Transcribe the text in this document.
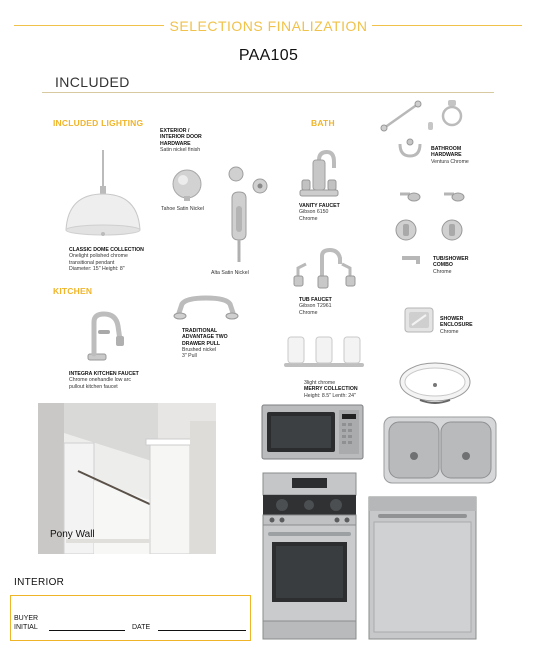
SELECTIONS FINALIZATION
PAA105
INCLUDED
INCLUDED LIGHTING
KITCHEN
BATH
CLASSIC DOME COLLECTION
Onelight polished chrome
transitional pendant
Diameter: 15" Height: 8"
EXTERIOR /
INTERIOR DOOR
HARDWARE
Satin nickel finish
Tahoe Satin Nickel
Alta Satin Nickel
INTEGRA KITCHEN FAUCET
Chrome onehandle low arc
pullout kitchen faucet
TRADITIONAL
ADVANTAGE TWO
DRAWER PULL
Brushed nickel
3" Pull
VANITY FAUCET
Gibson 6150
Chrome
TUB FAUCET
Gibson T2961
Chrome
3light chrome
MERRY COLLECTION
Height: 8.5" Lenth: 24"
BATHROOM
HARDWARE
Ventura Chrome
TUB/SHOWER
COMBO
Chrome
SHOWER
ENCLOSURE
Chrome
Pony Wall
INTERIOR
BUYER
INITIAL	DATE
